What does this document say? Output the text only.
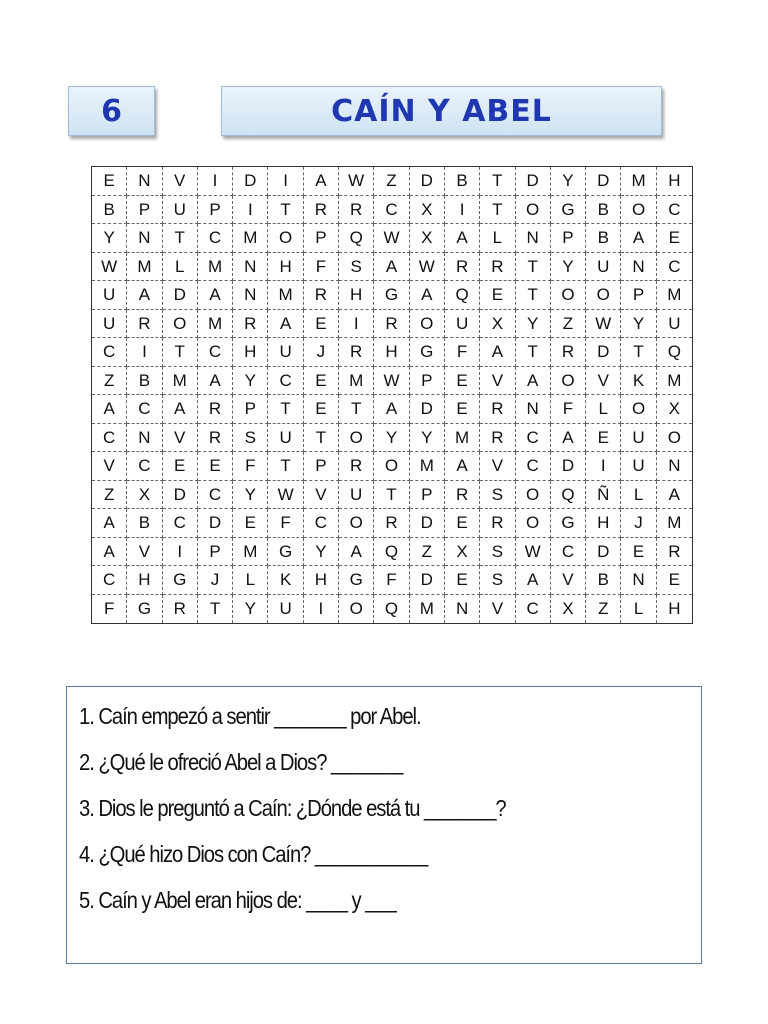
6	CAÍN Y ABEL
E	N	V	I	D	I	A	W	Z	D	B	T	D	Y	D	M	H
B	P	U	P	I	T	R	R	C	X	I	T	O	G	B	O	C
Y	N	T	C	M	O	P	Q	W	X	A	L	N	P	B	A	E
W	M	L	M	N	H	F	S	A	W	R	R	T	Y	U	N	C
U	A	D	A	N	M	R	H	G	A	Q	E	T	O	O	P	M
U	R	O	M	R	A	E	I	R	O	U	X	Y	Z	W	Y	U
C	I	T	C	H	U	J	R	H	G	F	A	T	R	D	T	Q
Z	B	M	A	Y	C	E	M	W	P	E	V	A	O	V	K	M
A	C	A	R	P	T	E	T	A	D	E	R	N	F	L	O	X
C	N	V	R	S	U	T	O	Y	Y	M	R	C	A	E	U	O
V	C	E	E	F	T	P	R	O	M	A	V	C	D	I	U	N
Z	X	D	C	Y	W	V	U	T	P	R	S	O	Q	Ñ	L	A
A	B	C	D	E	F	C	O	R	D	E	R	O	G	H	J	M
A	V	I	P	M	G	Y	A	Q	Z	X	S	W	C	D	E	R
C	H	G	J	L	K	H	G	F	D	E	S	A	V	B	N	E
F	G	R	T	Y	U	I	O	Q	M	N	V	C	X	Z	L	H
1. Caín empezó a sentir _______ por Abel.
2. ¿Qué le ofreció Abel a Dios? _______
3. Dios le preguntó a Caín: ¿Dónde está tu _______?
4. ¿Qué hizo Dios con Caín? ___________
5. Caín y Abel eran hijos de: ____ y ___
